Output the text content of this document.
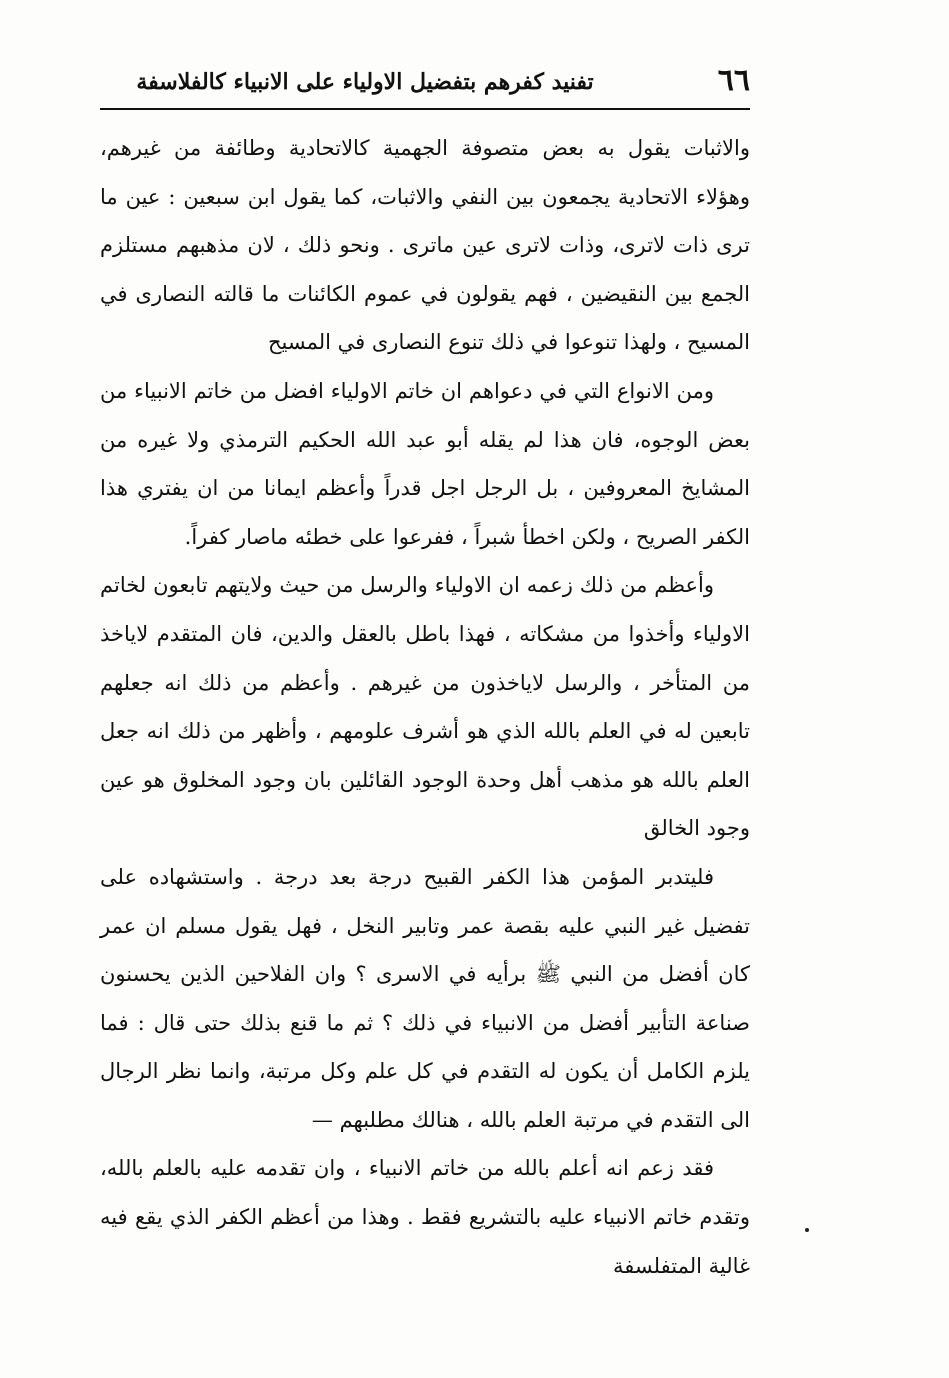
٦٦
تفنيد كفرهم بتفضيل الاولياء على الانبياء كالفلاسفة

والاثبات يقول به بعض متصوفة الجهمية كالاتحادية وطائفة من غيرهم، وهؤلاء الاتحادية يجمعون بين النفي والاثبات، كما يقول ابن سبعين : عين ما ترى ذات لاترى، وذات لاترى عين ماترى . ونحو ذلك ، لان مذهبهم مستلزم الجمع بين النقيضين ، فهم يقولون في عموم الكائنات ما قالته النصارى في المسيح ، ولهذا تنوعوا في ذلك تنوع النصارى في المسيح

ومن الانواع التي في دعواهم ان خاتم الاولياء افضل من خاتم الانبياء من بعض الوجوه، فان هذا لم يقله أبو عبد الله الحكيم الترمذي ولا غيره من المشايخ المعروفين ، بل الرجل اجل قدراً وأعظم ايمانا من ان يفتري هذا الكفر الصريح ، ولكن اخطأ شبراً ، ففرعوا على خطئه ماصار كفراً.

وأعظم من ذلك زعمه ان الاولياء والرسل من حيث ولايتهم تابعون لخاتم الاولياء وأخذوا من مشكاته ، فهذا باطل بالعقل والدين، فان المتقدم لاياخذ من المتأخر ، والرسل لاياخذون من غيرهم . وأعظم من ذلك انه جعلهم تابعين له في العلم بالله الذي هو أشرف علومهم ، وأظهر من ذلك انه جعل العلم بالله هو مذهب أهل وحدة الوجود القائلين بان وجود المخلوق هو عين وجود الخالق

فليتدبر المؤمن هذا الكفر القبيح درجة بعد درجة . واستشهاده على تفضيل غير النبي عليه بقصة عمر وتابير النخل ، فهل يقول مسلم ان عمر كان أفضل من النبي ﷺ برأيه في الاسرى ؟ وان الفلاحين الذين يحسنون صناعة التأبير أفضل من الانبياء في ذلك ؟ ثم ما قنع بذلك حتى قال : فما يلزم الكامل أن يكون له التقدم في كل علم وكل مرتبة، وانما نظر الرجال الى التقدم في مرتبة العلم بالله ، هنالك مطلبهم —

فقد زعم انه أعلم بالله من خاتم الانبياء ، وان تقدمه عليه بالعلم بالله، وتقدم خاتم الانبياء عليه بالتشريع فقط . وهذا من أعظم الكفر الذي يقع فيه غالية المتفلسفة
